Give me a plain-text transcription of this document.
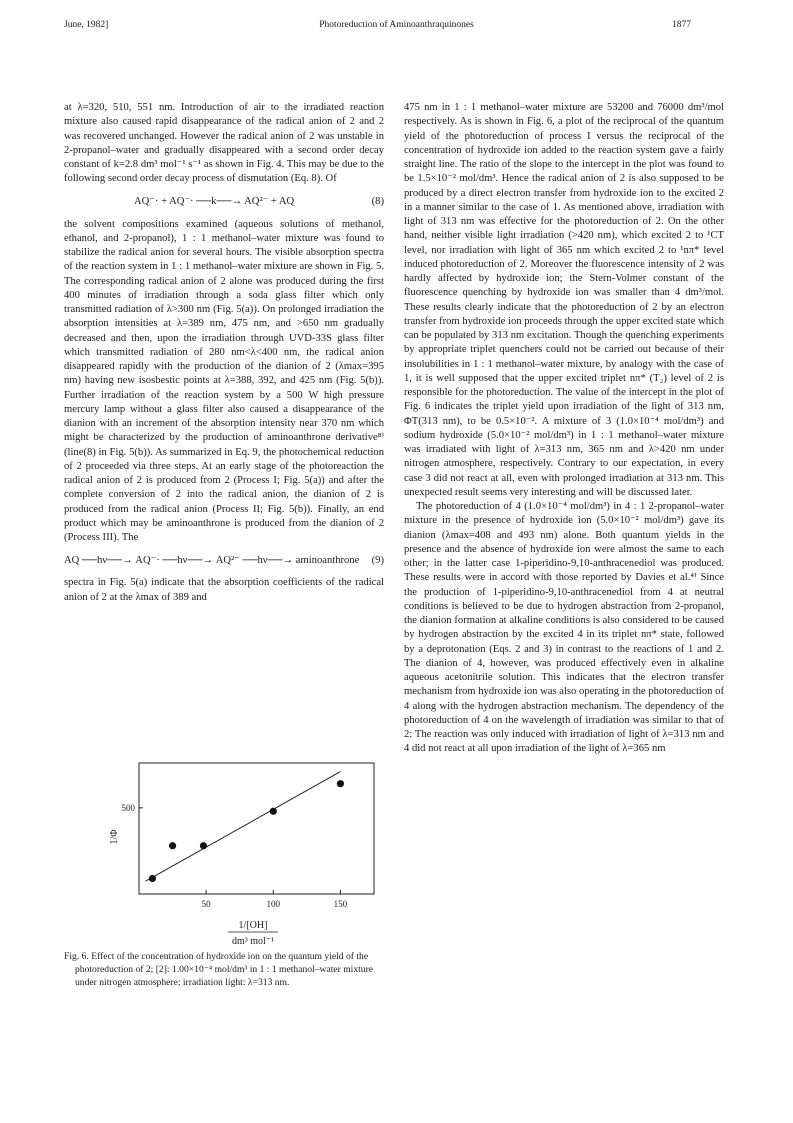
June, 1982]	Photoreduction of Aminoanthraquinones	1877

at λ=320, 510, 551 nm. Introduction of air to the irradiated reaction mixture also caused rapid disappearance of the radical anion of 2 and 2 was recovered unchanged. However the radical anion of 2 was unstable in 2-propanol–water and gradually disappeared with a second order decay constant of k=2.8 dm³ mol⁻¹ s⁻¹ as shown in Fig. 4. This may be due to the following second order decay process of dismutation (Eq. 8). Of

AQ⁻· + AQ⁻· ──k──→ AQ²⁻ + AQ	(8)

the solvent compositions examined (aqueous solutions of methanol, ethanol, and 2-propanol), 1 : 1 methanol–water mixture was found to stabilize the radical anion for several hours. The visible absorption spectra of the reaction system in 1 : 1 methanol–water mixture are shown in Fig. 5. The corresponding radical anion of 2 alone was produced during the first 400 minutes of irradiation through a soda glass filter which only transmitted radiation of λ>300 nm (Fig. 5(a)). On prolonged irradiation the absorption intensities at λ=389 nm, 475 nm, and >650 nm gradually decreased and then, upon the irradiation through UVD-33S glass filter which transmitted radiation of 280 nm<λ<400 nm, the radical anion disappeared rapidly with the production of the dianion of 2 (λmax=395 nm) having new isosbestic points at λ=388, 392, and 425 nm (Fig. 5(b)). Further irradiation of the reaction system by a 500 W high pressure mercury lamp without a glass filter also caused a disappearance of the dianion with an increment of the absorption intensity near 370 nm which might be characterized by the production of aminoanthrone derivative⁸⁾ (line(8) in Fig. 5(b)). As summarized in Eq. 9, the photochemical reduction of 2 proceeded via three steps. At an early stage of the photoreaction the radical anion of 2 is produced from 2 (Process I; Fig. 5(a)) and after the complete conversion of 2 into the radical anion, the dianion of 2 is produced from the radical anion (Process II; Fig. 5(b)). Finally, an end product which may be aminoanthrone is produced from the dianion of 2 (Process III). The

AQ ──hν──→ AQ⁻· ──hν──→ AQ²⁻ ──hν──→ aminoanthrone (9)

spectra in Fig. 5(a) indicate that the absorption coefficients of the radical anion of 2 at the λmax of 389 and

50	100	150
500
1/Φ
1/[OH]
dm³ mol⁻¹
Fig. 6. Effect of the concentration of hydroxide ion on the quantum yield of the photoreduction of 2; [2]: 1.00×10⁻⁴ mol/dm³ in 1 : 1 methanol–water mixture under nitrogen atmosphere; irradiation light: λ=313 nm.

475 nm in 1 : 1 methanol–water mixture are 53200 and 76000 dm³/mol respectively. As is shown in Fig. 6, a plot of the reciprocal of the quantum yield of the photoreduction of process I versus the reciprocal of the concentration of hydroxide ion added to the reaction system gave a fairly straight line. The ratio of the slope to the intercept in the plot was found to be 1.5×10⁻² mol/dm³. Hence the radical anion of 2 is also supposed to be produced by a direct electron transfer from hydroxide ion to the excited 2 in a manner similar to the case of 1. As mentioned above, irradiation with light of 313 nm was effective for the photoreduction of 2. On the other hand, neither visible light irradiation (>420 nm), which excited 2 to ¹CT level, nor irradiation with light of 365 nm which excited 2 to ¹nπ* level induced photoreduction of 2. Moreover the fluorescence intensity of 2 was hardly affected by hydroxide ion; the Stern-Volmer constant of the fluorescence quenching by hydroxide ion was smaller than 4 dm³/mol. These results clearly indicate that the photoreduction of 2 by an electron transfer from hydroxide ion proceeds through the upper excited state which can be populated by 313 nm excitation. Though the quenching experiments by appropriate triplet quenchers could not be carried out because of their insolubilities in 1 : 1 methanol–water mixture, by analogy with the case of 1, it is well supposed that the upper excited triplet nπ* (T₂) level of 2 is responsible for the photoreduction. The value of the intercept in the plot of Fig. 6 indicates the triplet yield upon irradiation of the light of 313 nm, ΦT(313 nm), to be 0.5×10⁻². A mixture of 3 (1.0×10⁻⁴ mol/dm³) and sodium hydroxide (5.0×10⁻² mol/dm³) in 1 : 1 methanol–water mixture was irradiated with light of λ=313 nm, 365 nm and λ>420 nm under nitrogen atmosphere, respectively. Contrary to our expectation, in every case 3 did not react at all, even with prolonged irradiation at 313 nm. This unexpected result seems very interesting and will be discussed later.

The photoreduction of 4 (1.0×10⁻⁴ mol/dm³) in 4 : 1 2-propanol–water mixture in the presence of hydroxide ion (5.0×10⁻² mol/dm³) gave its dianion (λmax=408 and 493 nm) alone. Both quantum yields in the presence and the absence of hydroxide ion were almost the same to each other; in the latter case 1-piperidino-9,10-anthracenediol was produced. These results were in accord with those reported by Davies et al.⁴⁾ Since the production of 1-piperidino-9,10-anthracenediol from 4 at neutral conditions is believed to be due to hydrogen abstraction from 2-propanol, the dianion formation at alkaline conditions is also considered to be caused by hydrogen abstraction by the excited 4 in its triplet nπ* state, followed by a deprotonation (Eqs. 2 and 3) in contrast to the reactions of 1 and 2. The dianion of 4, however, was produced effectively even in alkaline aqueous acetonitrile solution. This indicates that the electron transfer mechanism from hydroxide ion was also operating in the photoreduction of 4 along with the hydrogen abstraction mechanism. The dependency of the photoreduction of 4 on the wavelength of irradiation was similar to that of 2: The reaction was only induced with irradiation of light of λ=313 nm and 4 did not react at all upon irradiation of the light of λ=365 nm
